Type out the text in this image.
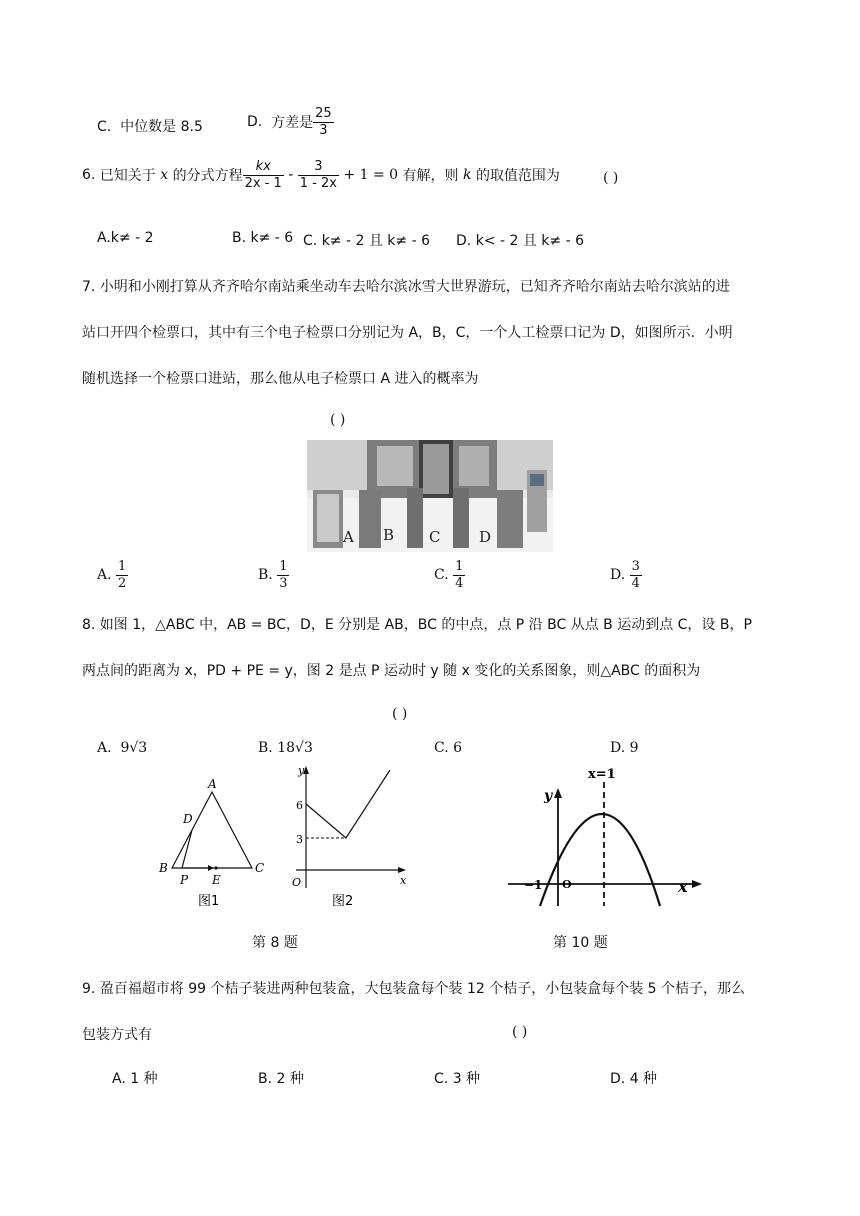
C. 中位数是 8.5	D. 方差是 $\frac{25}{3}$
6. 已知关于 x 的分式方程 $\frac{kx}{2x - 1} - \frac{3}{1 - 2x} + 1 = 0$ 有解，则 k 的取值范围为	( )
A.k≠ - 2	B. k≠ - 6 C. k≠ - 2 且 k≠ - 6 D. k< - 2 且 k≠ - 6
7. 小明和小刚打算从齐齐哈尔南站乘坐动车去哈尔滨冰雪大世界游玩，已知齐齐哈尔南站去哈尔滨站的进
站口开四个检票口，其中有三个电子检票口分别记为 A，B，C，一个人工检票口记为 D，如图所示．小明
随机选择一个检票口进站，那么他从电子检票口 A 进入的概率为
( )
A B C	D
A. $\frac{1}{2}$	B. $\frac{1}{3}$	C. $\frac{1}{4}$	D. $\frac{3}{4}$
8. 如图 1，△ABC 中，AB = BC，D，E 分别是 AB，BC 的中点，点 P 沿 BC 从点 B 运动到点 C，设 B，P
两点间的距离为 x，PD + PE = y，图 2 是点 P 运动时 y 随 x 变化的关系图象，则△ABC 的面积为
( )
A. 9√3	B. 18√3	C. 6	D. 9
A
D
B	C
P E
图1
y
x
O
6
3
图2
第 8 题
x=1
y
x
−1 O
第 10 题
9. 盈百福超市将 99 个桔子装进两种包装盒，大包装盒每个装 12 个桔子，小包装盒每个装 5 个桔子，那么
包装方式有	( )
A. 1 种	B. 2 种	C. 3 种	D. 4 种
